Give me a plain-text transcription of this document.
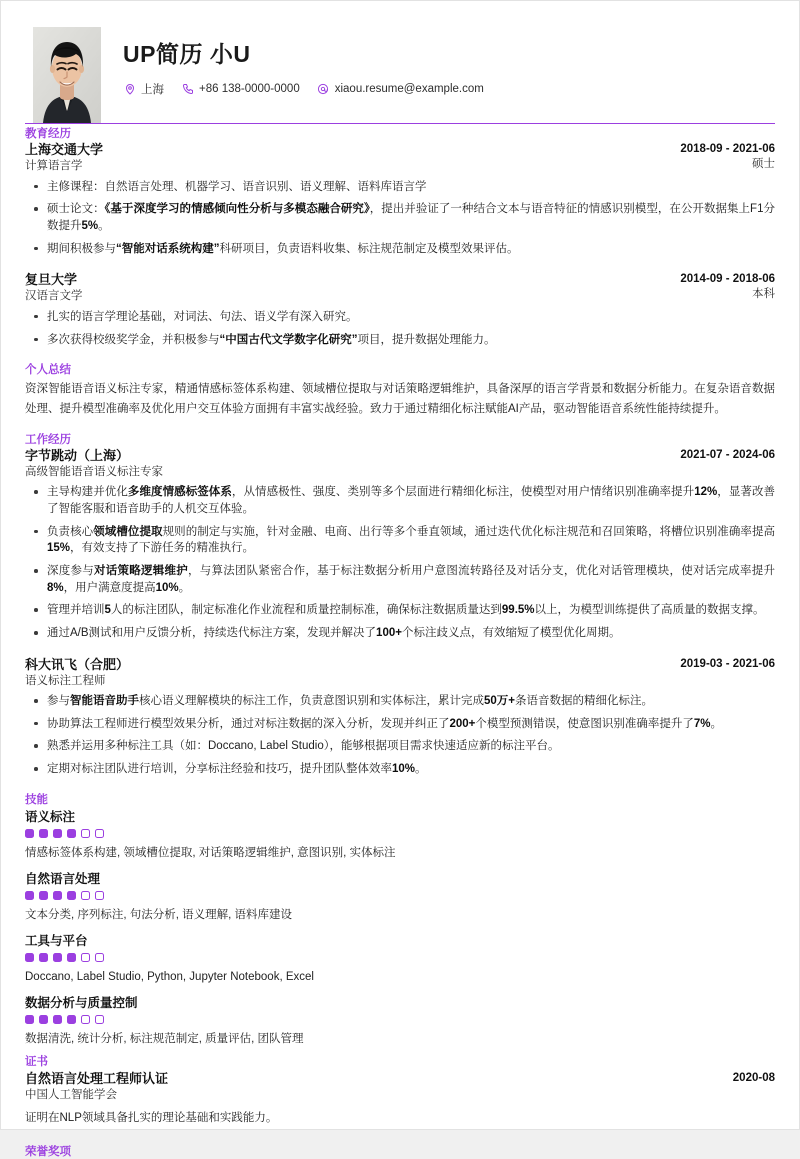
UP简历 小U
上海	+86 138-0000-0000	xiaou.resume@example.com
教育经历
上海交通大学
计算语言学
2018-09 - 2021-06
硕士
主修课程：自然语言处理、机器学习、语音识别、语义理解、语料库语言学
硕士论文：《基于深度学习的情感倾向性分析与多模态融合研究》，提出并验证了一种结合文本与语音特征的情感识别模型，在公开数据集上F1分数提升5%。
期间积极参与“智能对话系统构建”科研项目，负责语料收集、标注规范制定及模型效果评估。
复旦大学
汉语言文学
2014-09 - 2018-06
本科
扎实的语言学理论基础，对词法、句法、语义学有深入研究。
多次获得校级奖学金，并积极参与“中国古代文学数字化研究”项目，提升数据处理能力。
个人总结
资深智能语音语义标注专家，精通情感标签体系构建、领域槽位提取与对话策略逻辑维护，具备深厚的语言学背景和数据分析能力。在复杂语音数据处理、提升模型准确率及优化用户交互体验方面拥有丰富实战经验。致力于通过精细化标注赋能AI产品，驱动智能语音系统性能持续提升。
工作经历
字节跳动（上海）
高级智能语音语义标注专家
2021-07 - 2024-06
主导构建并优化多维度情感标签体系，从情感极性、强度、类别等多个层面进行精细化标注，使模型对用户情绪识别准确率提升12%，显著改善了智能客服和语音助手的人机交互体验。
负责核心领域槽位提取规则的制定与实施，针对金融、电商、出行等多个垂直领域，通过迭代优化标注规范和召回策略，将槽位识别准确率提高15%，有效支持了下游任务的精准执行。
深度参与对话策略逻辑维护，与算法团队紧密合作，基于标注数据分析用户意图流转路径及对话分支，优化对话管理模块，使对话完成率提升8%，用户满意度提高10%。
管理并培训5人的标注团队，制定标准化作业流程和质量控制标准，确保标注数据质量达到99.5%以上，为模型训练提供了高质量的数据支撑。
通过A/B测试和用户反馈分析，持续迭代标注方案，发现并解决了100+个标注歧义点，有效缩短了模型优化周期。
科大讯飞（合肥）
语义标注工程师
2019-03 - 2021-06
参与智能语音助手核心语义理解模块的标注工作，负责意图识别和实体标注，累计完成50万+条语音数据的精细化标注。
协助算法工程师进行模型效果分析，通过对标注数据的深入分析，发现并纠正了200+个模型预测错误，使意图识别准确率提升了7%。
熟悉并运用多种标注工具（如：Doccano, Label Studio），能够根据项目需求快速适应新的标注平台。
定期对标注团队进行培训，分享标注经验和技巧，提升团队整体效率10%。
技能
语义标注
情感标签体系构建, 领域槽位提取, 对话策略逻辑维护, 意图识别, 实体标注
自然语言处理
文本分类, 序列标注, 句法分析, 语义理解, 语料库建设
工具与平台
Doccano, Label Studio, Python, Jupyter Notebook, Excel
数据分析与质量控制
数据清洗, 统计分析, 标注规范制定, 质量评估, 团队管理
证书
自然语言处理工程师认证
中国人工智能学会
2020-08
证明在NLP领域具备扎实的理论基础和实践能力。
荣誉奖项
